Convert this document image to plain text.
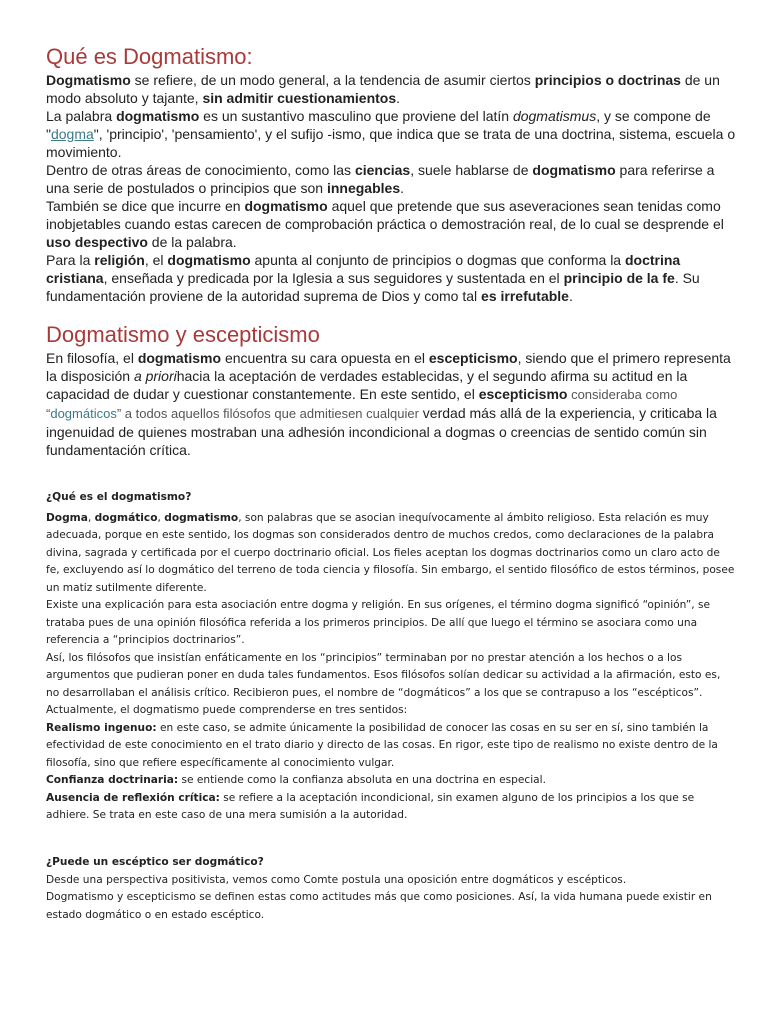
Qué es Dogmatismo:

Dogmatismo se refiere, de un modo general, a la tendencia de asumir ciertos principios o doctrinas de un modo absoluto y tajante, sin admitir cuestionamientos.

La palabra dogmatismo es un sustantivo masculino que proviene del latín dogmatismus, y se compone de "dogma", 'principio', 'pensamiento', y el sufijo -ismo, que indica que se trata de una doctrina, sistema, escuela o movimiento.

Dentro de otras áreas de conocimiento, como las ciencias, suele hablarse de dogmatismo para referirse a una serie de postulados o principios que son innegables.

También se dice que incurre en dogmatismo aquel que pretende que sus aseveraciones sean tenidas como inobjetables cuando estas carecen de comprobación práctica o demostración real, de lo cual se desprende el uso despectivo de la palabra.

Para la religión, el dogmatismo apunta al conjunto de principios o dogmas que conforma la doctrina cristiana, enseñada y predicada por la Iglesia a sus seguidores y sustentada en el principio de la fe. Su fundamentación proviene de la autoridad suprema de Dios y como tal es irrefutable.

Dogmatismo y escepticismo

En filosofía, el dogmatismo encuentra su cara opuesta en el escepticismo, siendo que el primero representa la disposición a priorihacia la aceptación de verdades establecidas, y el segundo afirma su actitud en la capacidad de dudar y cuestionar constantemente. En este sentido, el escepticismo consideraba como “dogmáticos” a todos aquellos filósofos que admitiesen cualquier verdad más allá de la experiencia, y criticaba la ingenuidad de quienes mostraban una adhesión incondicional a dogmas o creencias de sentido común sin fundamentación crítica.

¿Qué es el dogmatismo?

Dogma, dogmático, dogmatismo, son palabras que se asocian inequívocamente al ámbito religioso. Esta relación es muy adecuada, porque en este sentido, los dogmas son considerados dentro de muchos credos, como declaraciones de la palabra divina, sagrada y certificada por el cuerpo doctrinario oficial. Los fieles aceptan los dogmas doctrinarios como un claro acto de fe, excluyendo así lo dogmático del terreno de toda ciencia y filosofía. Sin embargo, el sentido filosófico de estos términos, posee un matiz sutilmente diferente.

Existe una explicación para esta asociación entre dogma y religión. En sus orígenes, el término dogma significó “opinión”, se trataba pues de una opinión filosófica referida a los primeros principios. De allí que luego el término se asociara como una referencia a “principios doctrinarios”.

Así, los filósofos que insistían enfáticamente en los “principios” terminaban por no prestar atención a los hechos o a los argumentos que pudieran poner en duda tales fundamentos. Esos filósofos solían dedicar su actividad a la afirmación, esto es, no desarrollaban el análisis crítico. Recibieron pues, el nombre de “dogmáticos” a los que se contrapuso a los “escépticos”.

Actualmente, el dogmatismo puede comprenderse en tres sentidos:

Realismo ingenuo: en este caso, se admite únicamente la posibilidad de conocer las cosas en su ser en sí, sino también la efectividad de este conocimiento en el trato diario y directo de las cosas. En rigor, este tipo de realismo no existe dentro de la filosofía, sino que refiere específicamente al conocimiento vulgar.

Confianza doctrinaria: se entiende como la confianza absoluta en una doctrina en especial.

Ausencia de reflexión crítica: se refiere a la aceptación incondicional, sin examen alguno de los principios a los que se adhiere. Se trata en este caso de una mera sumisión a la autoridad.

¿Puede un escéptico ser dogmático?

Desde una perspectiva positivista, vemos como Comte postula una oposición entre dogmáticos y escépticos.

Dogmatismo y escepticismo se definen estas como actitudes más que como posiciones. Así, la vida humana puede existir en estado dogmático o en estado escéptico.
